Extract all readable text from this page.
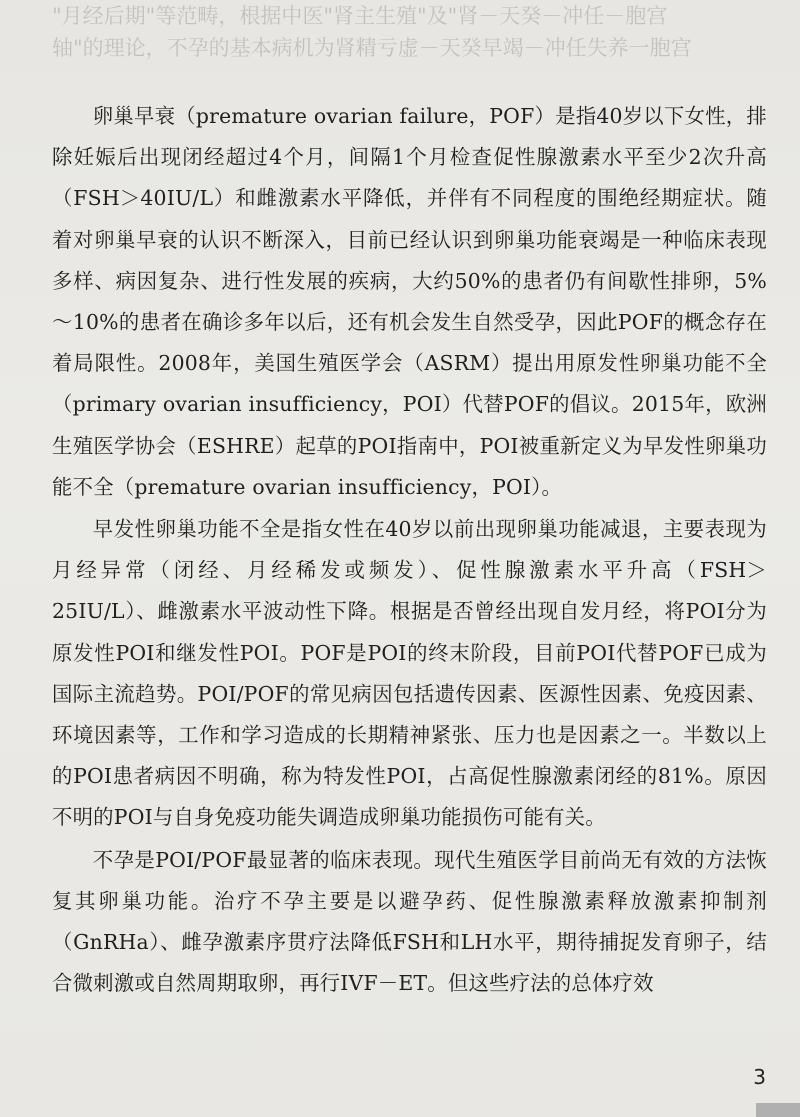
"月经后期"等范畴，根据中医"肾主生殖"及"肾－天癸－冲任－胞宫
轴"的理论，不孕的基本病机为肾精亏虚－天癸早竭－冲任失养一胞宫

卵巢早衰（premature ovarian failure，POF）是指40岁以下女性，排除妊娠后出现闭经超过4个月，间隔1个月检查促性腺激素水平至少2次升高（FSH＞40IU/L）和雌激素水平降低，并伴有不同程度的围绝经期症状。随着对卵巢早衰的认识不断深入，目前已经认识到卵巢功能衰竭是一种临床表现多样、病因复杂、进行性发展的疾病，大约50%的患者仍有间歇性排卵，5%～10%的患者在确诊多年以后，还有机会发生自然受孕，因此POF的概念存在着局限性。2008年，美国生殖医学会（ASRM）提出用原发性卵巢功能不全（primary ovarian insufficiency，POI）代替POF的倡议。2015年，欧洲生殖医学协会（ESHRE）起草的POI指南中，POI被重新定义为早发性卵巢功能不全（premature ovarian insufficiency，POI）。

早发性卵巢功能不全是指女性在40岁以前出现卵巢功能减退，主要表现为月经异常（闭经、月经稀发或频发）、促性腺激素水平升高（FSH＞25IU/L）、雌激素水平波动性下降。根据是否曾经出现自发月经，将POI分为原发性POI和继发性POI。POF是POI的终末阶段，目前POI代替POF已成为国际主流趋势。POI/POF的常见病因包括遗传因素、医源性因素、免疫因素、环境因素等，工作和学习造成的长期精神紧张、压力也是因素之一。半数以上的POI患者病因不明确，称为特发性POI，占高促性腺激素闭经的81%。原因不明的POI与自身免疫功能失调造成卵巢功能损伤可能有关。

不孕是POI/POF最显著的临床表现。现代生殖医学目前尚无有效的方法恢复其卵巢功能。治疗不孕主要是以避孕药、促性腺激素释放激素抑制剂（GnRHa）、雌孕激素序贯疗法降低FSH和LH水平，期待捕捉发育卵子，结合微刺激或自然周期取卵，再行IVF－ET。但这些疗法的总体疗效

3
